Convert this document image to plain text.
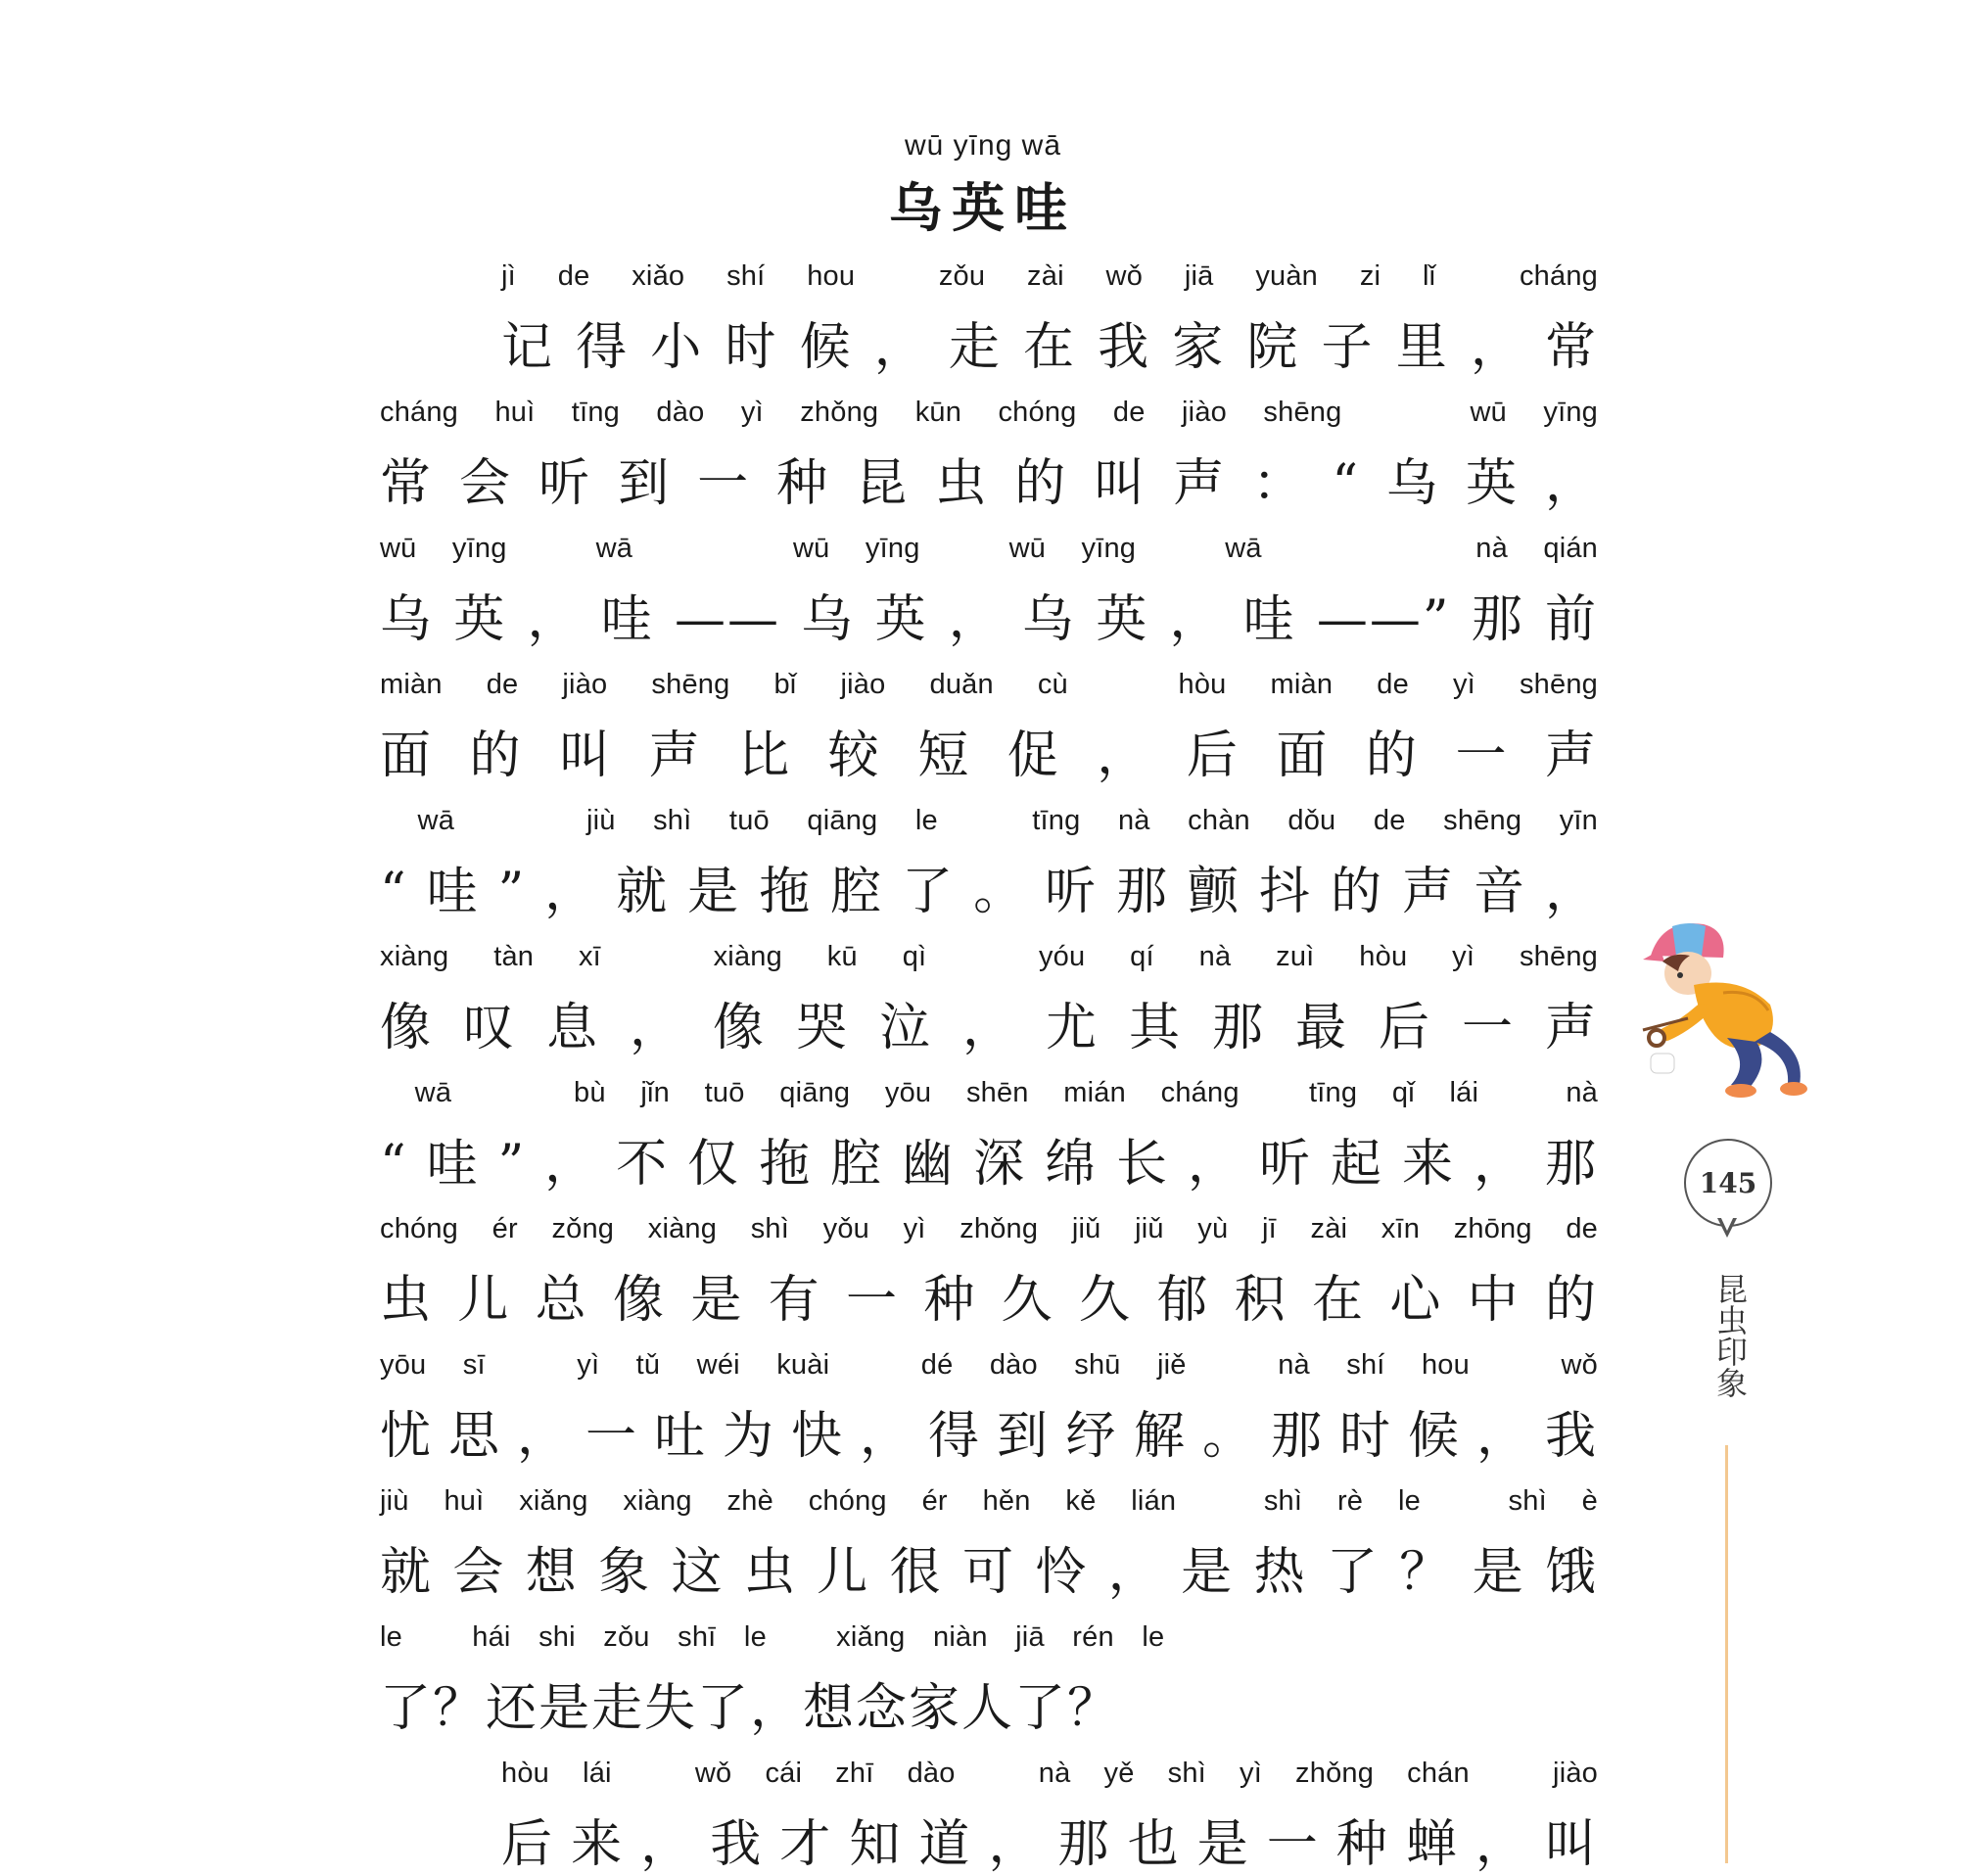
wū yīng wā
乌英哇
jì  de  xiǎo  shí  hou    zǒu  zài  wǒ  jiā  yuàn  zi  lǐ    cháng
记得小时候，走在我家院子里，常
cháng  huì  tīng  dào  yì  zhǒng  kūn  chóng  de  jiào  shēng       wū  yīng
常会听到一种昆虫的叫声：“乌英，
wū  yīng     wā         wū  yīng     wū  yīng     wā            nà  qián
乌英，哇——乌英，乌英，哇——”那前
miàn  de  jiào  shēng  bǐ  jiào  duǎn  cù     hòu  miàn  de  yì  shēng
面的叫声比较短促，后面的一声
wā       jiù  shì  tuō  qiāng  le     tīng  nà  chàn  dǒu  de  shēng  yīn
“哇”，就是拖腔了。听那颤抖的声音，
xiàng  tàn  xī     xiàng  kū  qì     yóu  qí  nà  zuì  hòu  yì  shēng
像叹息，像哭泣，尤其那最后一声
wā       bù  jǐn  tuō  qiāng  yōu  shēn  mián  cháng    tīng  qǐ  lái     nà
“哇”，不仅拖腔幽深绵长，听起来，那
chóng  ér  zǒng  xiàng  shì  yǒu  yì  zhǒng  jiǔ  jiǔ  yù  jī  zài  xīn  zhōng  de
虫儿总像是有一种久久郁积在心中的
yōu  sī     yì  tǔ  wéi  kuài     dé  dào  shū  jiě     nà  shí  hou     wǒ
忧思，一吐为快，得到纾解。那时候，我
jiù  huì  xiǎng  xiàng  zhè  chóng  ér  hěn  kě  lián     shì  rè  le     shì  è
就会想象这虫儿很可怜，是热了？是饿
le     hái  shi  zǒu  shī  le     xiǎng  niàn  jiā  rén  le
了？还是走失了，想念家人了？
hòu  lái     wǒ  cái  zhī  dào     nà  yě  shì  yì  zhǒng  chán     jiào
后来，我才知道，那也是一种蝉，叫
145
昆虫印象
